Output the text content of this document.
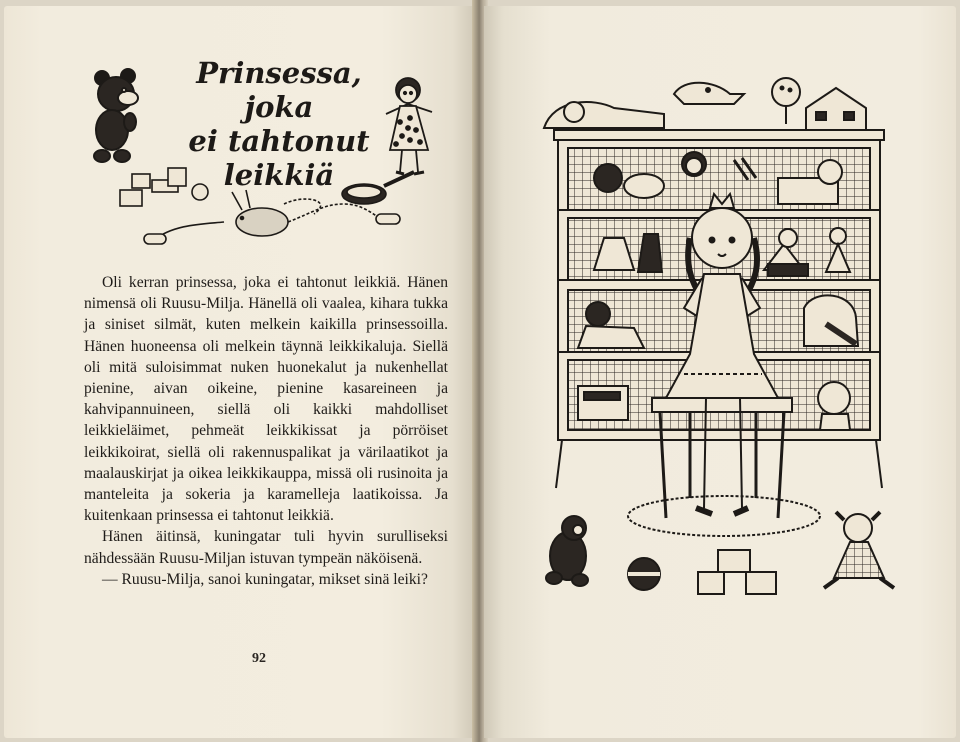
Prinsessa, joka
ei tahtonut
leikkiä

Oli kerran prinsessa, joka ei tahtonut leikkiä. Hänen nimensä oli Ruusu-Milja. Hänellä oli vaalea, kihara tukka ja siniset silmät, kuten melkein kaikilla prinsessoilla. Hänen huoneensa oli melkein täynnä leikkikaluja. Siellä oli mitä suloisimmat nuken huonekalut ja nukenhellat pienine, aivan oikeine, pienine kasareineen ja kahvipannuineen, siellä oli kaikki mahdolliset leikkieläimet, pehmeät leikkikissat ja pörröiset leikkikoirat, siellä oli rakennuspalikat ja värilaatikot ja maalauskirjat ja oikea leikkikauppa, missä oli rusinoita ja manteleita ja sokeria ja karamelleja laatikoissa. Ja kuitenkaan prinsessa ei tahtonut leikkiä.

Hänen äitinsä, kuningatar tuli hyvin surulliseksi nähdessään Ruusu-Miljan istuvan tympeän näköisenä.

— Ruusu-Milja, sanoi kuningatar, mikset sinä leiki?

92
